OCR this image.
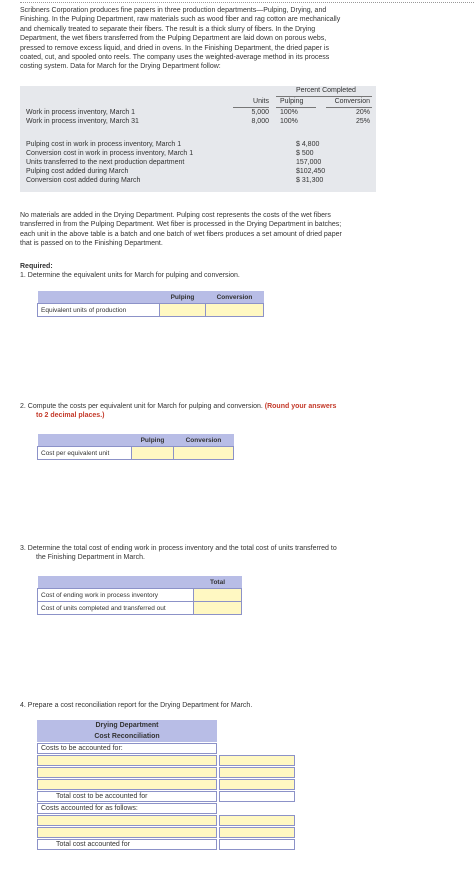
Scribners Corporation produces fine papers in three production departments—Pulping, Drying, and
Finishing. In the Pulping Department, raw materials such as wood fiber and rag cotton are mechanically
and chemically treated to separate their fibers. The result is a thick slurry of fibers. In the Drying
Department, the wet fibers transferred from the Pulping Department are laid down on porous webs,
pressed to remove excess liquid, and dried in ovens. In the Finishing Department, the dried paper is
coated, cut, and spooled onto reels. The company uses the weighted-average method in its process
costing system. Data for March for the Drying Department follow:
Percent Completed
Units Pulping	Conversion
Work in process inventory, March 1	5,000 100%	20%
Work in process inventory, March 31	8,000 100%	25%
Pulping cost in work in process inventory, March 1	$ 4,800
Conversion cost in work in process inventory, March 1	$ 500
Units transferred to the next production department	157,000
Pulping cost added during March	$102,450
Conversion cost added during March	$ 31,300
No materials are added in the Drying Department. Pulping cost represents the costs of the wet fibers
transferred in from the Pulping Department. Wet fiber is processed in the Drying Department in batches;
each unit in the above table is a batch and one batch of wet fibers produces a set amount of dried paper
that is passed on to the Finishing Department.
Required:
1. Determine the equivalent units for March for pulping and conversion.
	Pulping	Conversion
Equivalent units of production		
2. Compute the costs per equivalent unit for March for pulping and conversion. (Round your answers
to 2 decimal places.)
	Pulping	Conversion
Cost per equivalent unit		
3. Determine the total cost of ending work in process inventory and the total cost of units transferred to
the Finishing Department in March.
	Total
Cost of ending work in process inventory	
Cost of units completed and transferred out	
4. Prepare a cost reconciliation report for the Drying Department for March.
Drying Department
Cost Reconciliation
Costs to be accounted for:
Total cost to be accounted for
Costs accounted for as follows:
Total cost accounted for
